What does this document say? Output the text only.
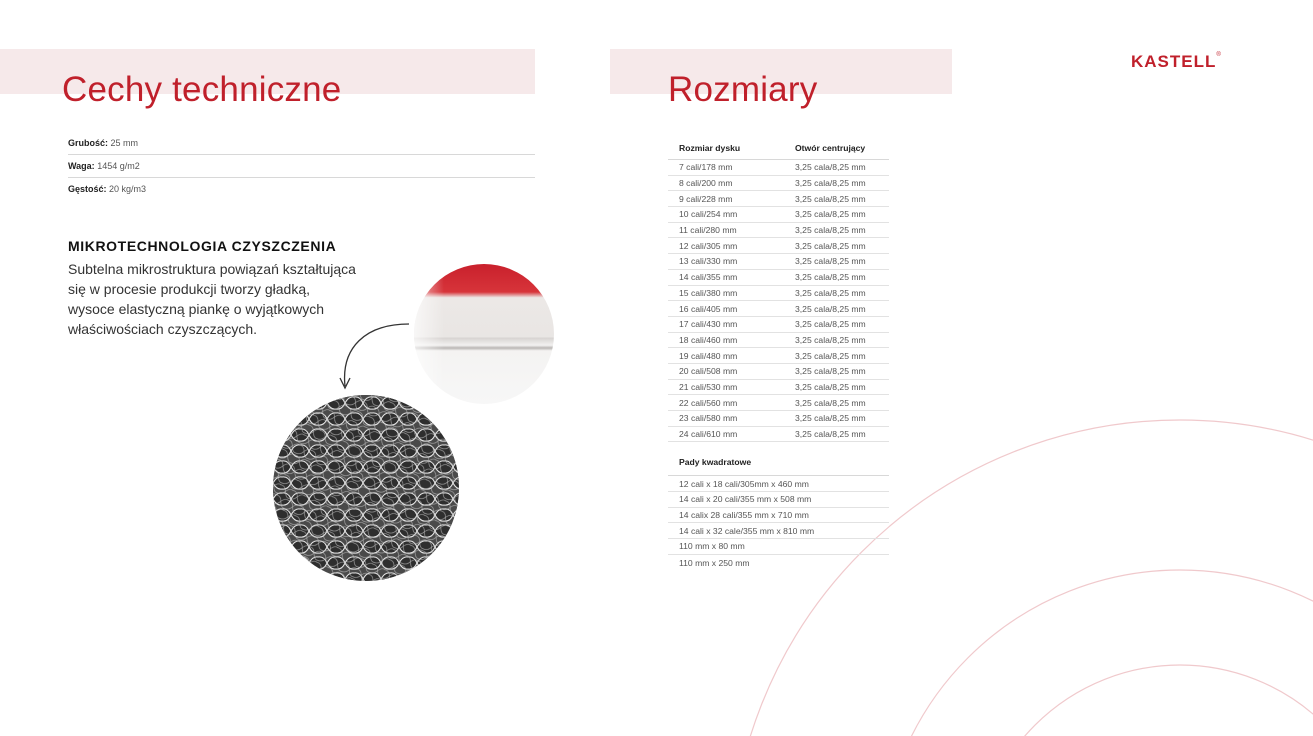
Cechy techniczne	Rozmiary
KASTELL®
Grubość: 25 mm
Waga: 1454 g/m2
Gęstość: 20 kg/m3
MIKROTECHNOLOGIA CZYSZCZENIA
Subtelna mikrostruktura powiązań kształtująca
się w procesie produkcji tworzy gładką,
wysoce elastyczną piankę o wyjątkowych
właściwościach czyszczących.
Rozmiar dysku	Otwór centrujący
7 cali/178 mm	3,25 cala/8,25 mm
8 cali/200 mm	3,25 cala/8,25 mm
9 cali/228 mm	3,25 cala/8,25 mm
10 cali/254 mm	3,25 cala/8,25 mm
11 cali/280 mm	3,25 cala/8,25 mm
12 cali/305 mm	3,25 cala/8,25 mm
13 cali/330 mm	3,25 cala/8,25 mm
14 cali/355 mm	3,25 cala/8,25 mm
15 cali/380 mm	3,25 cala/8,25 mm
16 cali/405 mm	3,25 cala/8,25 mm
17 cali/430 mm	3,25 cala/8,25 mm
18 cali/460 mm	3,25 cala/8,25 mm
19 cali/480 mm	3,25 cala/8,25 mm
20 cali/508 mm	3,25 cala/8,25 mm
21 cali/530 mm	3,25 cala/8,25 mm
22 cali/560 mm	3,25 cala/8,25 mm
23 cali/580 mm	3,25 cala/8,25 mm
24 cali/610 mm	3,25 cala/8,25 mm
Pady kwadratowe
12 cali x 18 cali/305mm x 460 mm
14 cali x 20 cali/355 mm x 508 mm
14 calix 28 cali/355 mm x 710 mm
14 cali x 32 cale/355 mm x 810 mm
110 mm x 80 mm
110 mm x 250 mm
